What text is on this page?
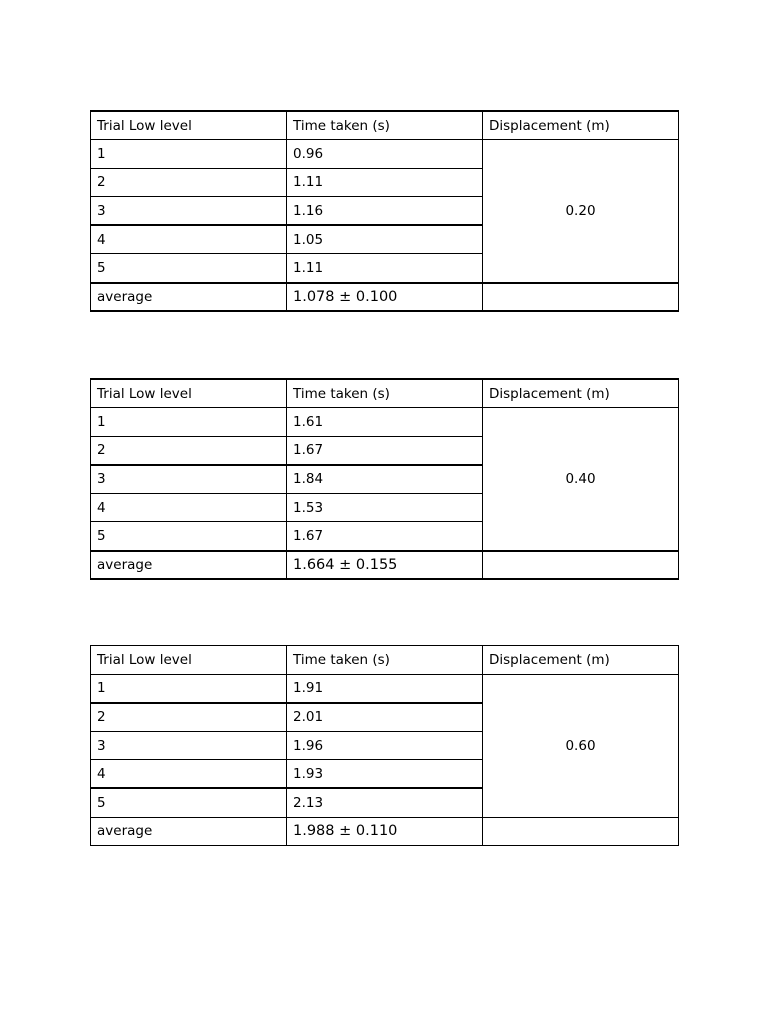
Trial Low level	Time taken (s)	Displacement (m)
1	0.96	0.20
2	1.11	
3	1.16	
4	1.05	
5	1.11	
average	1.078 ± 0.100	
Trial Low level	Time taken (s)	Displacement (m)
1	1.61	0.40
2	1.67	
3	1.84	
4	1.53	
5	1.67	
average	1.664 ± 0.155	
Trial Low level	Time taken (s)	Displacement (m)
1	1.91	0.60
2	2.01	
3	1.96	
4	1.93	
5	2.13	
average	1.988 ± 0.110	
